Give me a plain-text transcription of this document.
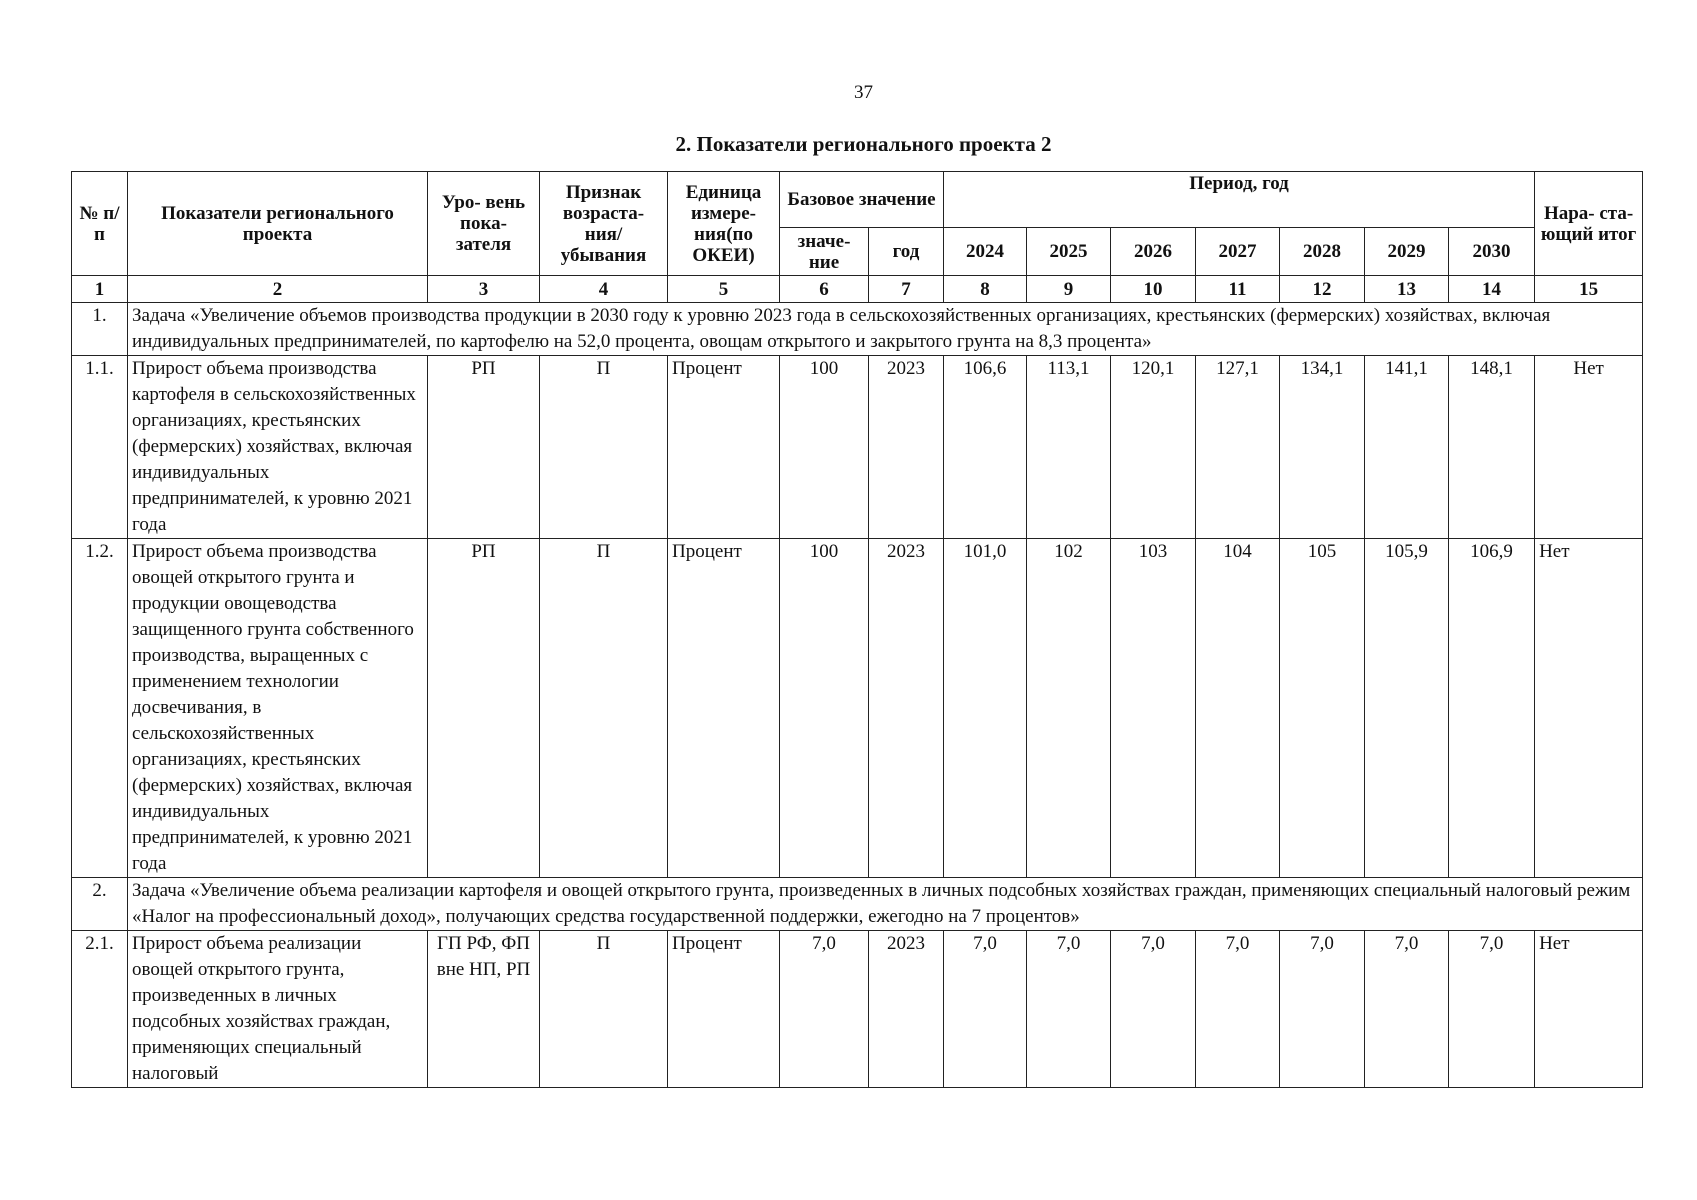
37
2. Показатели регионального проекта 2
№ п/п	Показатели регионального проекта	Уро- вень пока- зателя	Признак возраста- ния/ убывания	Единица измере- ния(по ОКЕИ)	Базовое значение		Период, год							Нара- ста- ющий итог
					значе- ние	год	2024	2025	2026	2027	2028	2029	2030	
1	2	3	4	5	6	7	8	9	10	11	12	13	14	15
1.	Задача «Увеличение объемов производства продукции в 2030 году к уровню 2023 года в сельскохозяйственных организациях, крестьянских (фермерских) хозяйствах, включая индивидуальных предпринимателей, по картофелю на 52,0 процента, овощам открытого и закрытого грунта на 8,3 процента»													
1.1.	Прирост объема производства картофеля в сельскохозяйственных организациях, крестьянских (фермерских) хозяйствах, включая индивидуальных предпринимателей, к уровню 2021 года	РП	П	Процент	100	2023	106,6	113,1	120,1	127,1	134,1	141,1	148,1	Нет
1.2.	Прирост объема производства овощей открытого грунта и продукции овощеводства защищенного грунта собственного производства, выращенных с применением технологии досвечивания, в сельскохозяйственных организациях, крестьянских (фермерских) хозяйствах, включая индивидуальных предпринимателей, к уровню 2021 года	РП	П	Процент	100	2023	101,0	102	103	104	105	105,9	106,9	Нет
2.	Задача «Увеличение объема реализации картофеля и овощей открытого грунта, произведенных в личных подсобных хозяйствах граждан, применяющих специальный налоговый режим «Налог на профессиональный доход», получающих средства государственной поддержки, ежегодно на 7 процентов»													
2.1.	Прирост объема реализации овощей открытого грунта, произведенных в личных подсобных хозяйствах граждан, применяющих специальный налоговый	ГП РФ, ФП вне НП, РП	П	Процент	7,0	2023	7,0	7,0	7,0	7,0	7,0	7,0	7,0	Нет
